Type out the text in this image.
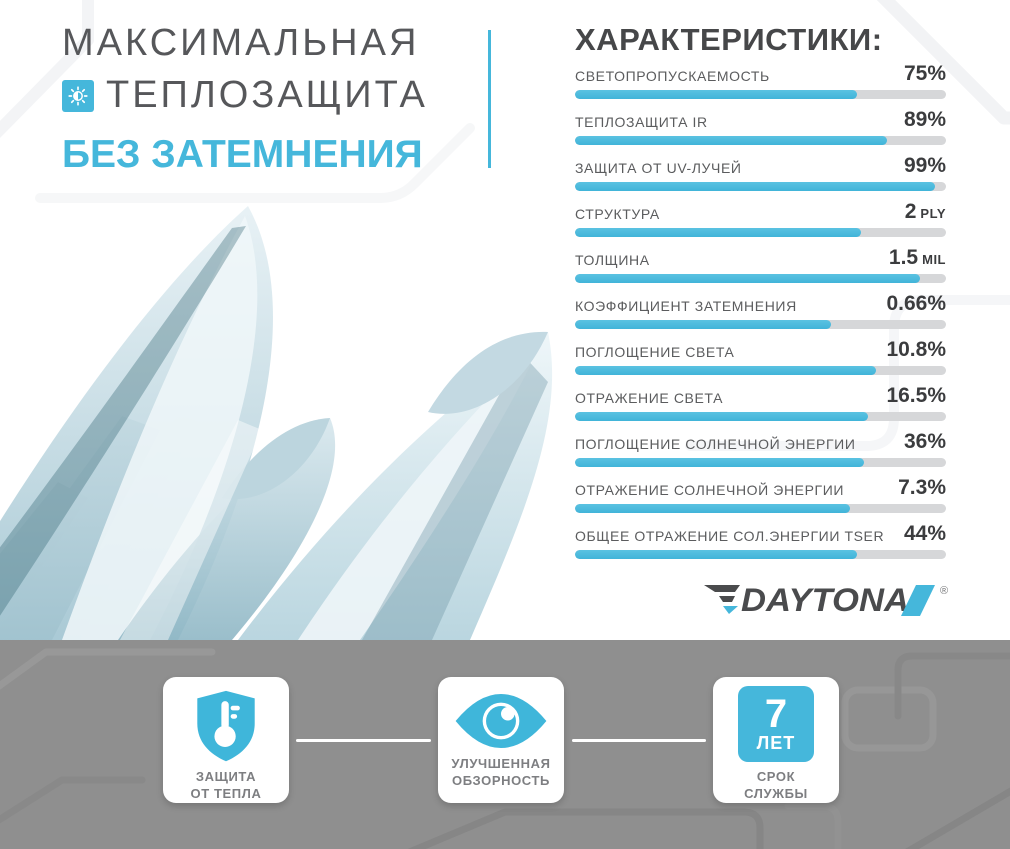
МАКСИМАЛЬНАЯ
ТЕПЛОЗАЩИТА
БЕЗ ЗАТЕМНЕНИЯ
ХАРАКТЕРИСТИКИ:
СВЕТОПРОПУСКАЕМОСТЬ	75%
ТЕПЛОЗАЩИТА IR	89%
ЗАЩИТА ОТ UV-ЛУЧЕЙ	99%
СТРУКТУРА	2 PLY
ТОЛЩИНА	1.5 MIL
КОЭФФИЦИЕНТ ЗАТЕМНЕНИЯ	0.66%
ПОГЛОЩЕНИЕ СВЕТА	10.8%
ОТРАЖЕНИЕ СВЕТА	16.5%
ПОГЛОЩЕНИЕ СОЛНЕЧНОЙ ЭНЕРГИИ 36%
ОТРАЖЕНИЕ СОЛНЕЧНОЙ ЭНЕРГИИ	7.3%
ОБЩЕЕ ОТРАЖЕНИЕ СОЛ.ЭНЕРГИИ TSER 44%
DAYTONA	®
ЗАЩИТА
ОТ ТЕПЛА
УЛУЧШЕННАЯ
ОБЗОРНОСТЬ
7
ЛЕТ
СРОК
СЛУЖБЫ
